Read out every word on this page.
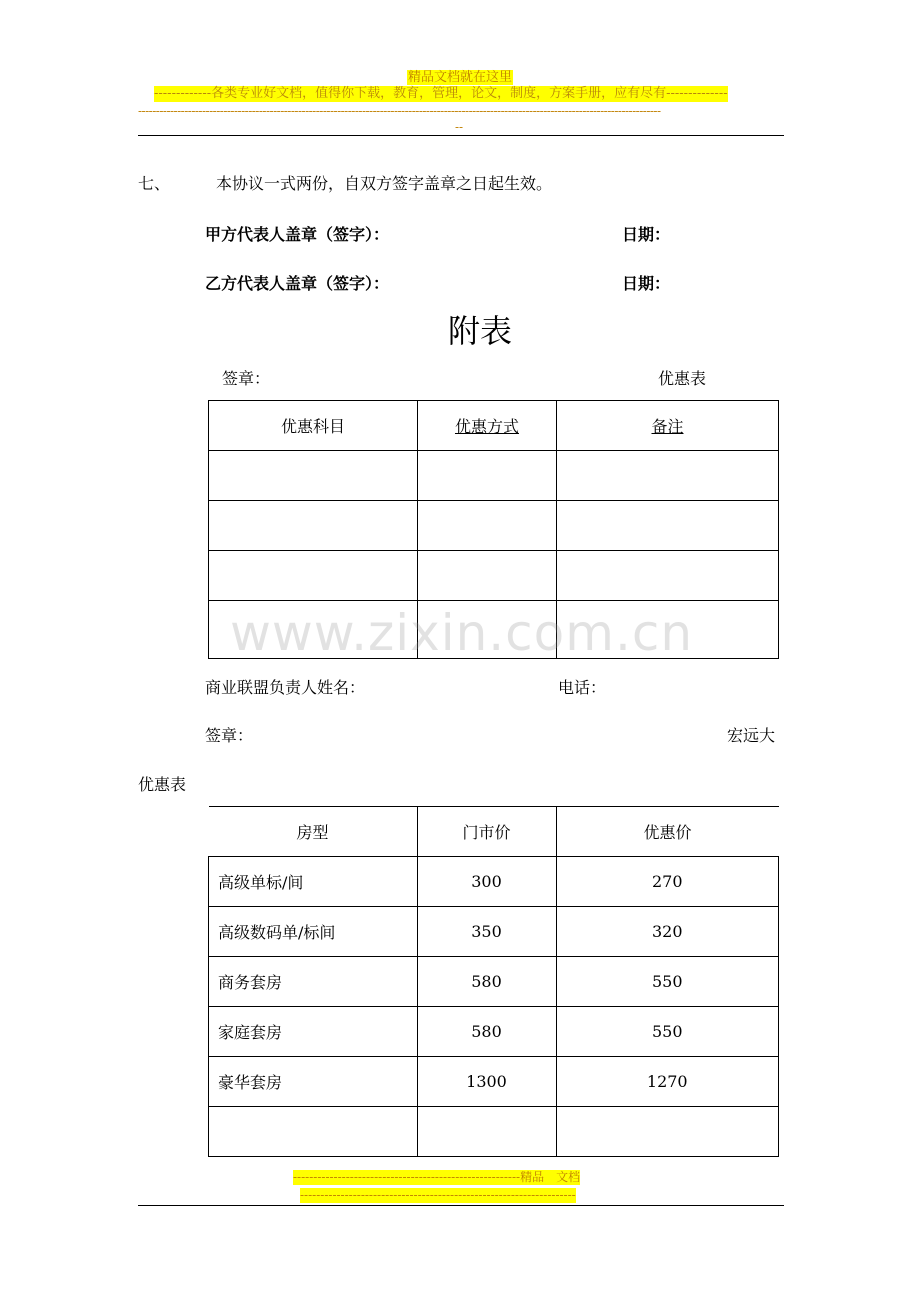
精品文档就在这里
-------------各类专业好文档，值得你下载，教育，管理，论文，制度，方案手册，应有尽有--------------
---------------------------------------------------------------------------------------------------------------------------------------------------
--
七、	本协议一式两份，自双方签字盖章之日起生效。
甲方代表人盖章（签字）：	日期：
乙方代表人盖章（签字）：	日期：
附表
签章：	优惠表
优惠科目	优惠方式	备注

www.zixin.com.cn
商业联盟负责人姓名：	电话：
签章：	宏远大
优惠表
房型	门市价	优惠价
高级单标/间	300	270
高级数码单/标间	350	320
商务套房	580	550
家庭套房	580	550
豪华套房	1300	1270

--------------------------------------------------------精品　文档
--------------------------------------------------------------------
